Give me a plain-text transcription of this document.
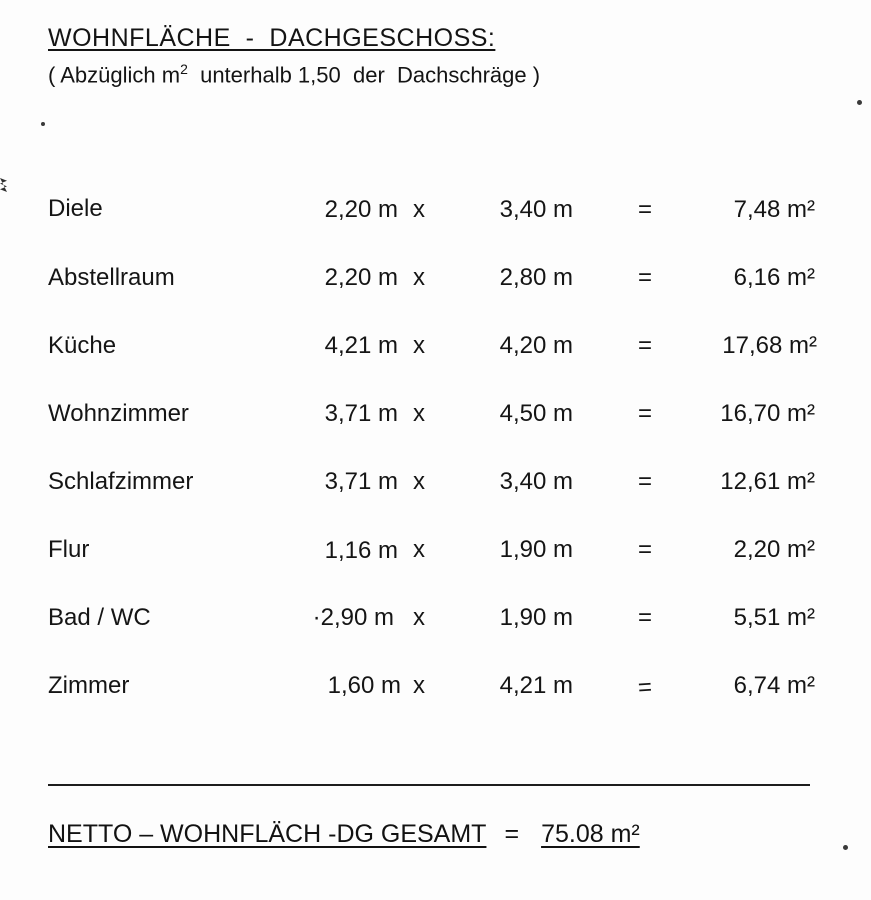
WOHNFLÄCHE  -  DACHGESCHOSS:
( Abzüglich $m^2$  unterhalb 1,50  der  Dachschräge )
Diele	2,20 m x	3,40 m	=	7,48 m²
Abstellraum	2,20 m x	2,80 m	=	6,16 m²
Küche	4,21 m x	4,20 m	=	17,68 m²
Wohnzimmer	3,71 m x	4,50 m	=	16,70 m²
Schlafzimmer	3,71 m x	3,40 m	=	12,61 m²
Flur	1,16 m x	1,90 m	=	2,20 m²
Bad / WC	·2,90 m x	1,90 m	=	5,51 m²
Zimmer	1,60 m x	4,21 m	=	6,74 m²
NETTO – WOHNFLÄCH -DG GESAMT = 75.08 m²
